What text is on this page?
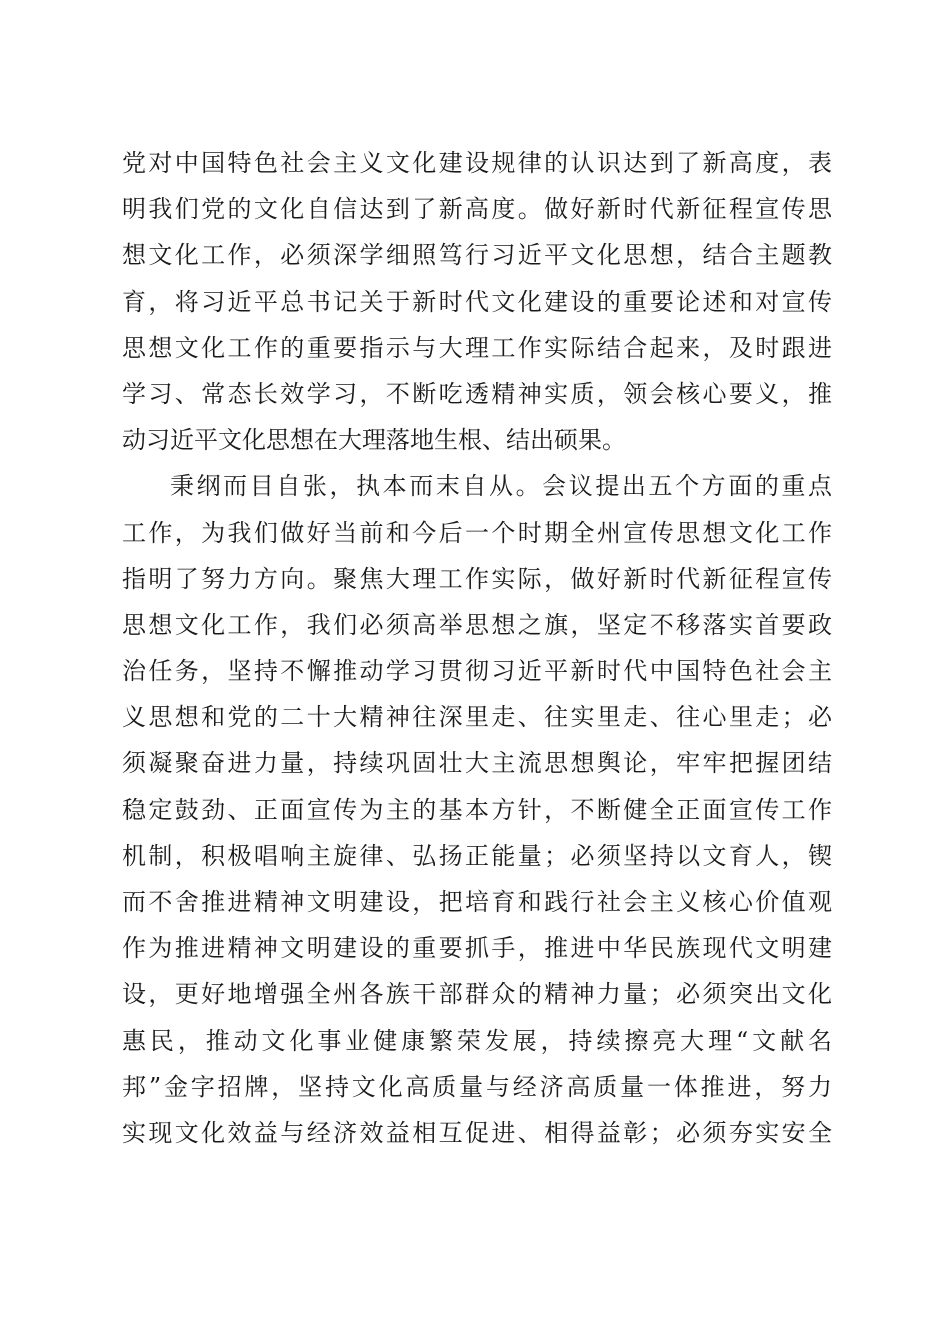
党对中国特色社会主义文化建设规律的认识达到了新高度，表
明我们党的文化自信达到了新高度。做好新时代新征程宣传思
想文化工作，必须深学细照笃行习近平文化思想，结合主题教
育，将习近平总书记关于新时代文化建设的重要论述和对宣传
思想文化工作的重要指示与大理工作实际结合起来，及时跟进
学习、常态长效学习，不断吃透精神实质，领会核心要义，推
动习近平文化思想在大理落地生根、结出硕果。
秉纲而目自张，执本而末自从。会议提出五个方面的重点
工作，为我们做好当前和今后一个时期全州宣传思想文化工作
指明了努力方向。聚焦大理工作实际，做好新时代新征程宣传
思想文化工作，我们必须高举思想之旗，坚定不移落实首要政
治任务，坚持不懈推动学习贯彻习近平新时代中国特色社会主
义思想和党的二十大精神往深里走、往实里走、往心里走；必
须凝聚奋进力量，持续巩固壮大主流思想舆论，牢牢把握团结
稳定鼓劲、正面宣传为主的基本方针，不断健全正面宣传工作
机制，积极唱响主旋律、弘扬正能量；必须坚持以文育人，锲
而不舍推进精神文明建设，把培育和践行社会主义核心价值观
作为推进精神文明建设的重要抓手，推进中华民族现代文明建
设，更好地增强全州各族干部群众的精神力量；必须突出文化
惠民，推动文化事业健康繁荣发展，持续擦亮大理“文献名
邦”金字招牌，坚持文化高质量与经济高质量一体推进，努力
实现文化效益与经济效益相互促进、相得益彰；必须夯实安全
